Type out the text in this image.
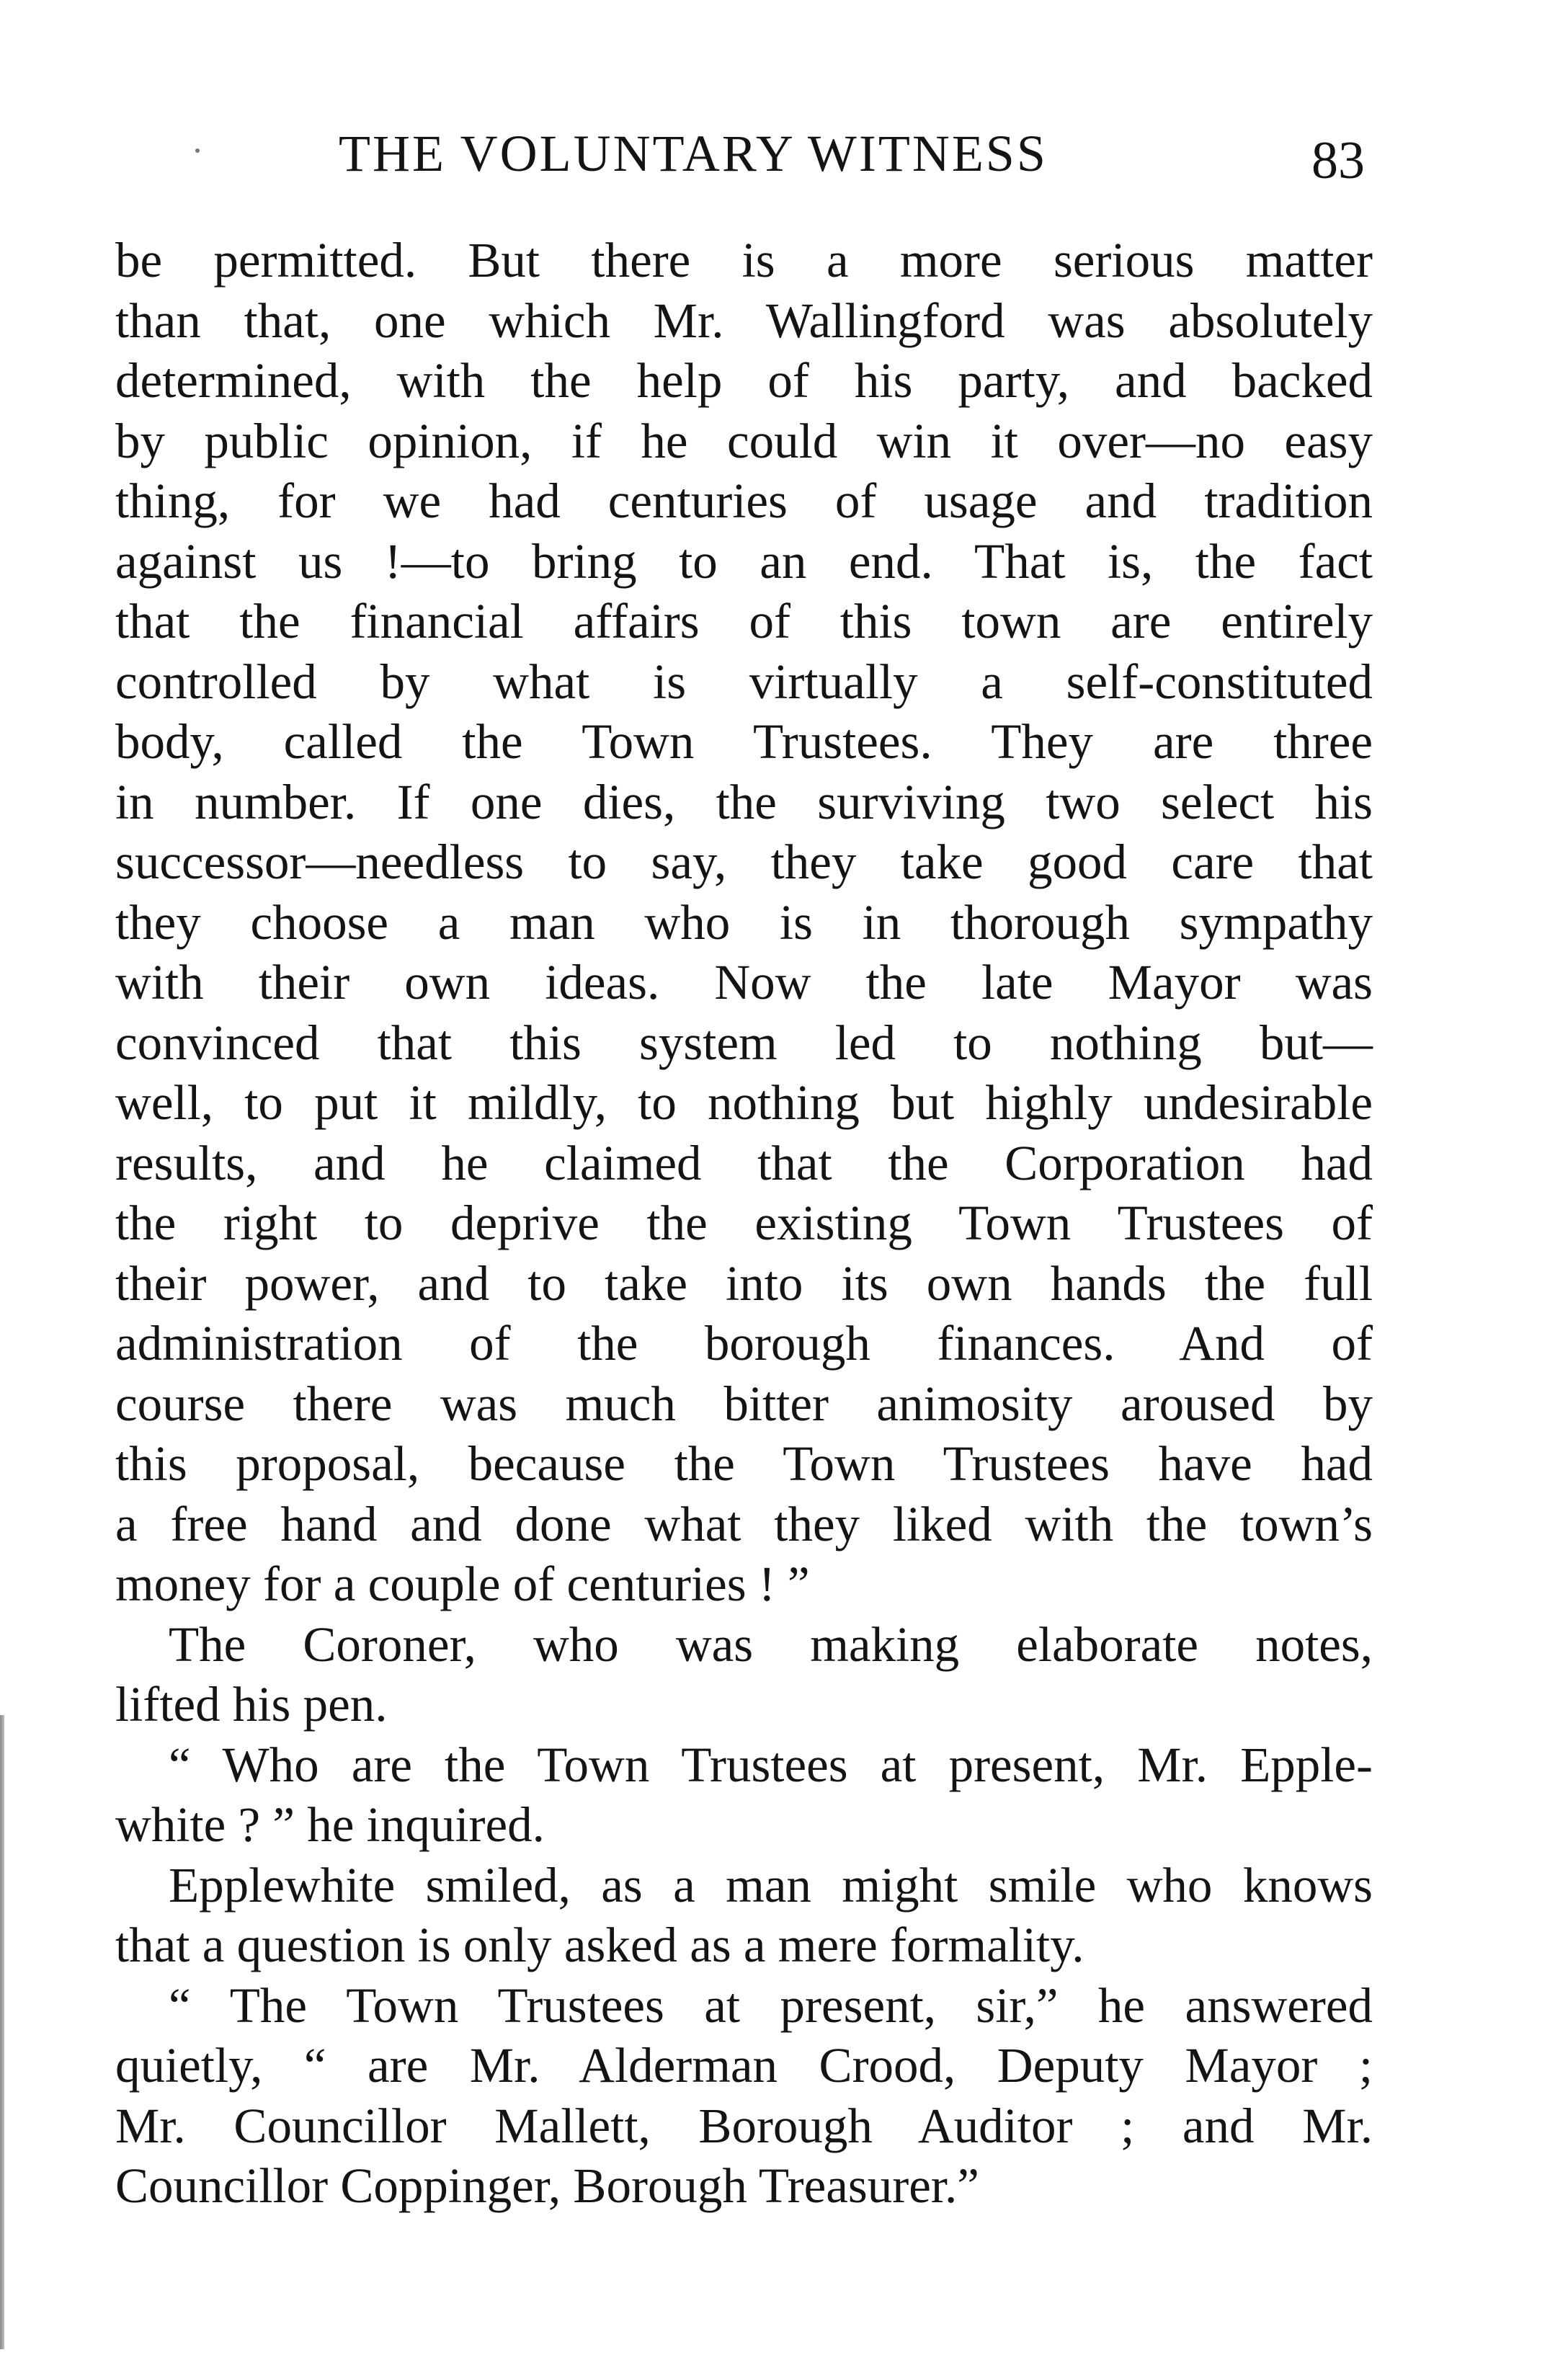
THE VOLUNTARY WITNESS	83
be permitted. But there is a more serious matter
than that, one which Mr. Wallingford was absolutely
determined, with the help of his party, and backed
by public opinion, if he could win it over—no easy
thing, for we had centuries of usage and tradition
against us !—to bring to an end. That is, the fact
that the financial affairs of this town are entirely
controlled by what is virtually a self-constituted
body, called the Town Trustees. They are three
in number. If one dies, the surviving two select his
successor—needless to say, they take good care that
they choose a man who is in thorough sympathy
with their own ideas. Now the late Mayor was
convinced that this system led to nothing but—
well, to put it mildly, to nothing but highly undesirable
results, and he claimed that the Corporation had
the right to deprive the existing Town Trustees of
their power, and to take into its own hands the full
administration of the borough finances. And of
course there was much bitter animosity aroused by
this proposal, because the Town Trustees have had
a free hand and done what they liked with the town’s
money for a couple of centuries ! ”
The Coroner, who was making elaborate notes,
lifted his pen.
“ Who are the Town Trustees at present, Mr. Epple-
white ? ” he inquired.
Epplewhite smiled, as a man might smile who knows
that a question is only asked as a mere formality.
“ The Town Trustees at present, sir,” he answered
quietly, “ are Mr. Alderman Crood, Deputy Mayor ;
Mr. Councillor Mallett, Borough Auditor ; and Mr.
Councillor Coppinger, Borough Treasurer.”
